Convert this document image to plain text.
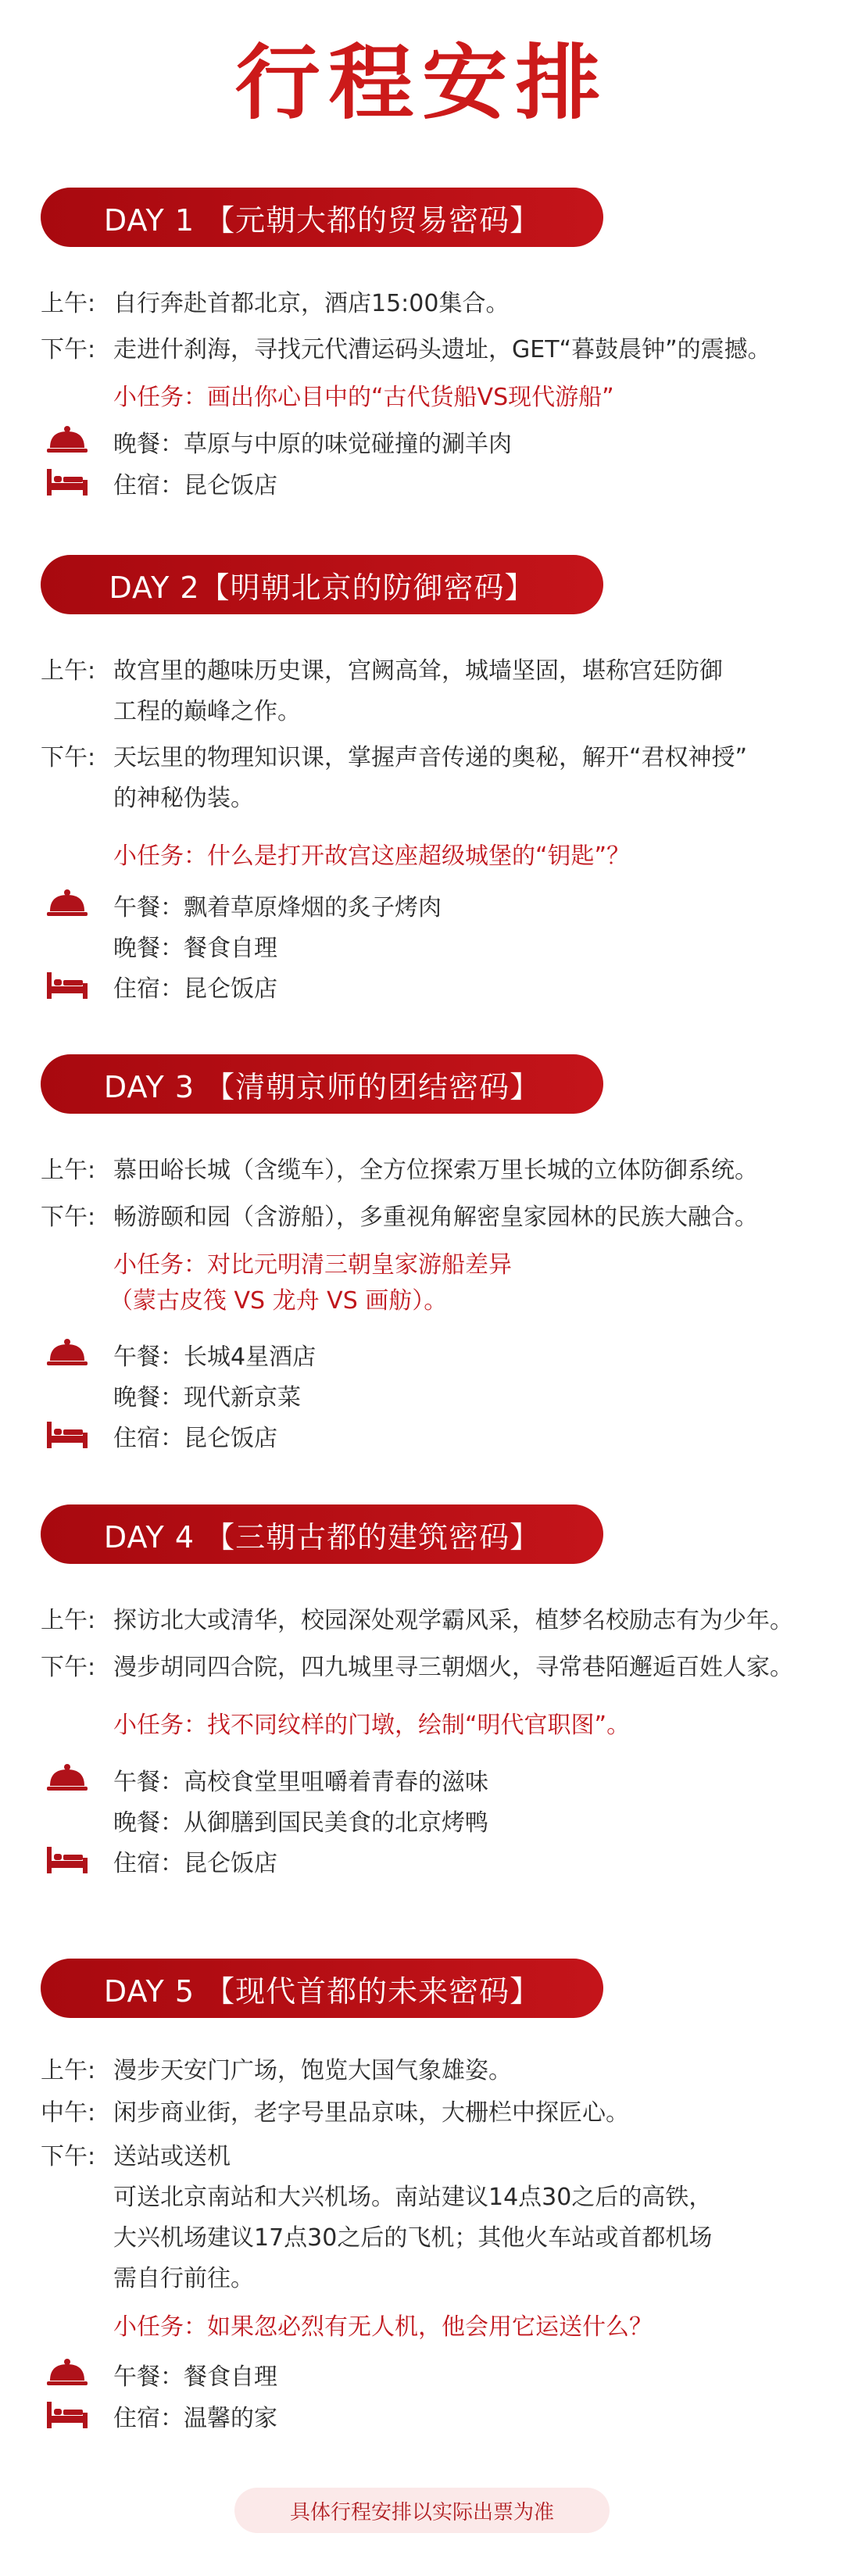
行程安排
DAY 1 【元朝大都的贸易密码】
上午: 自行奔赴首都北京，酒店15:00集合。
下午: 走进什刹海，寻找元代漕运码头遗址，GET“暮鼓晨钟”的震撼。
小任务：画出你心目中的“古代货船VS现代游船”
晚餐：草原与中原的味觉碰撞的涮羊肉
住宿：昆仑饭店
DAY 2【明朝北京的防御密码】
上午: 故宫里的趣味历史课，宫阙高耸，城墙坚固，堪称宫廷防御
工程的巅峰之作。
下午: 天坛里的物理知识课，掌握声音传递的奥秘，解开“君权神授”
的神秘伪装。
小任务：什么是打开故宫这座超级城堡的“钥匙”？
午餐：飘着草原烽烟的炙子烤肉
晚餐：餐食自理
住宿：昆仑饭店
DAY 3 【清朝京师的团结密码】
上午: 慕田峪长城（含缆车），全方位探索万里长城的立体防御系统。
下午: 畅游颐和园（含游船），多重视角解密皇家园林的民族大融合。
小任务：对比元明清三朝皇家游船差异
（蒙古皮筏 VS 龙舟 VS 画舫）。
午餐：长城4星酒店
晚餐：现代新京菜
住宿：昆仑饭店
DAY 4 【三朝古都的建筑密码】
上午: 探访北大或清华，校园深处观学霸风采，植梦名校励志有为少年。
下午: 漫步胡同四合院，四九城里寻三朝烟火，寻常巷陌邂逅百姓人家。
小任务：找不同纹样的门墩，绘制“明代官职图”。
午餐：高校食堂里咀嚼着青春的滋味
晚餐：从御膳到国民美食的北京烤鸭
住宿：昆仑饭店
DAY 5 【现代首都的未来密码】
上午: 漫步天安门广场，饱览大国气象雄姿。
中午: 闲步商业街，老字号里品京味，大栅栏中探匠心。
下午: 送站或送机
可送北京南站和大兴机场。南站建议14点30之后的高铁，
大兴机场建议17点30之后的飞机；其他火车站或首都机场
需自行前往。
小任务：如果忽必烈有无人机，他会用它运送什么？
午餐：餐食自理
住宿：温馨的家
具体行程安排以实际出票为准
